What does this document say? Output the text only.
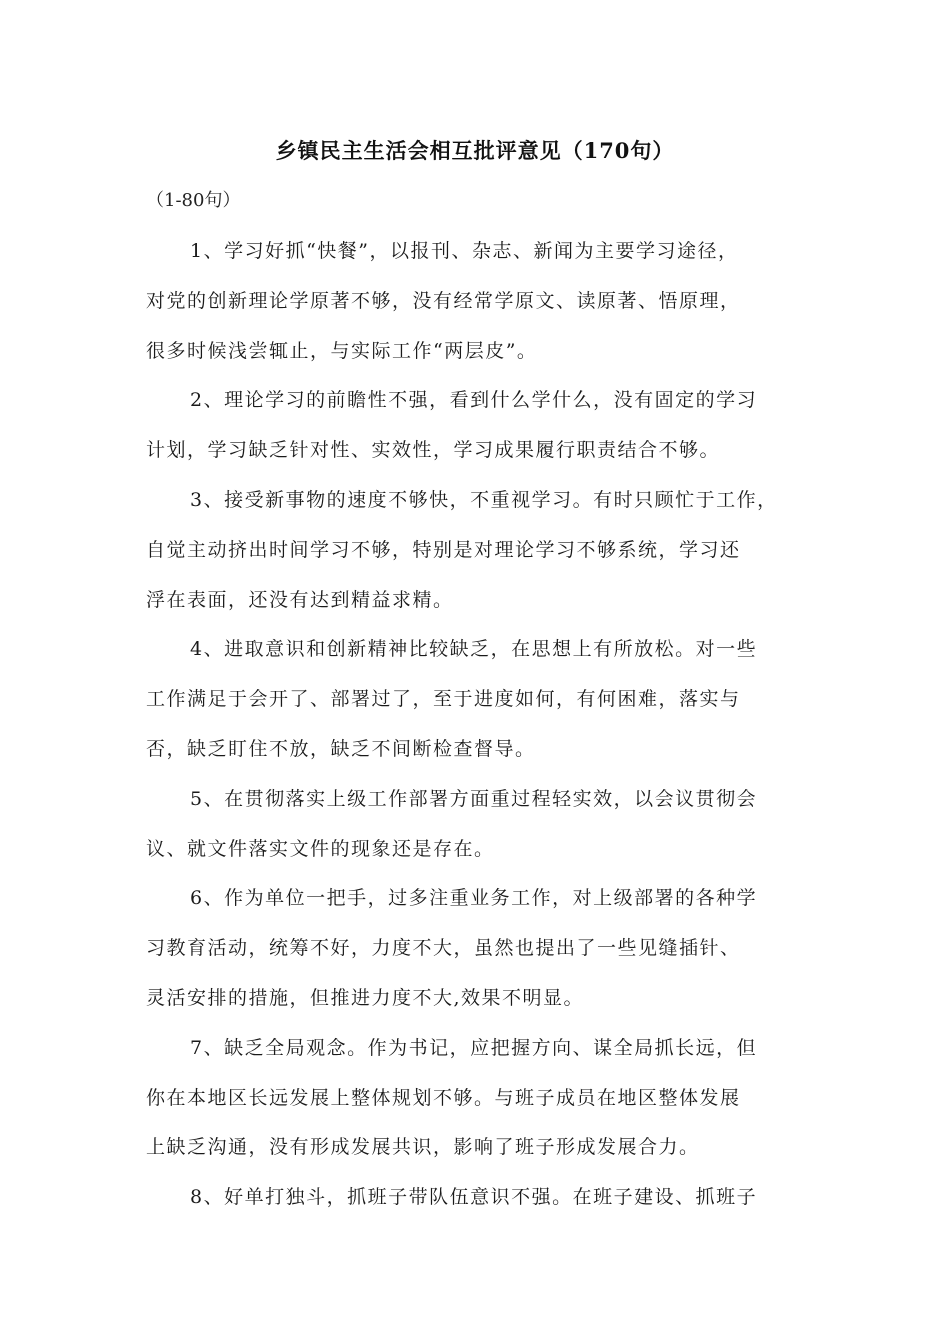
乡镇民主生活会相互批评意见（170句）
（1-80句）
1、学习好抓“快餐”，以报刊、杂志、新闻为主要学习途径，
对党的创新理论学原著不够，没有经常学原文、读原著、悟原理，
很多时候浅尝辄止，与实际工作“两层皮”。
2、理论学习的前瞻性不强，看到什么学什么，没有固定的学习
计划，学习缺乏针对性、实效性，学习成果履行职责结合不够。
3、接受新事物的速度不够快，不重视学习。有时只顾忙于工作，
自觉主动挤出时间学习不够，特别是对理论学习不够系统，学习还
浮在表面，还没有达到精益求精。
4、进取意识和创新精神比较缺乏，在思想上有所放松。对一些
工作满足于会开了、部署过了，至于进度如何，有何困难，落实与
否，缺乏盯住不放，缺乏不间断检查督导。
5、在贯彻落实上级工作部署方面重过程轻实效，以会议贯彻会
议、就文件落实文件的现象还是存在。
6、作为单位一把手，过多注重业务工作，对上级部署的各种学
习教育活动，统筹不好，力度不大，虽然也提出了一些见缝插针、
灵活安排的措施，但推进力度不大,效果不明显。
7、缺乏全局观念。作为书记，应把握方向、谋全局抓长远，但
你在本地区长远发展上整体规划不够。与班子成员在地区整体发展
上缺乏沟通，没有形成发展共识，影响了班子形成发展合力。
8、好单打独斗，抓班子带队伍意识不强。在班子建设、抓班子
